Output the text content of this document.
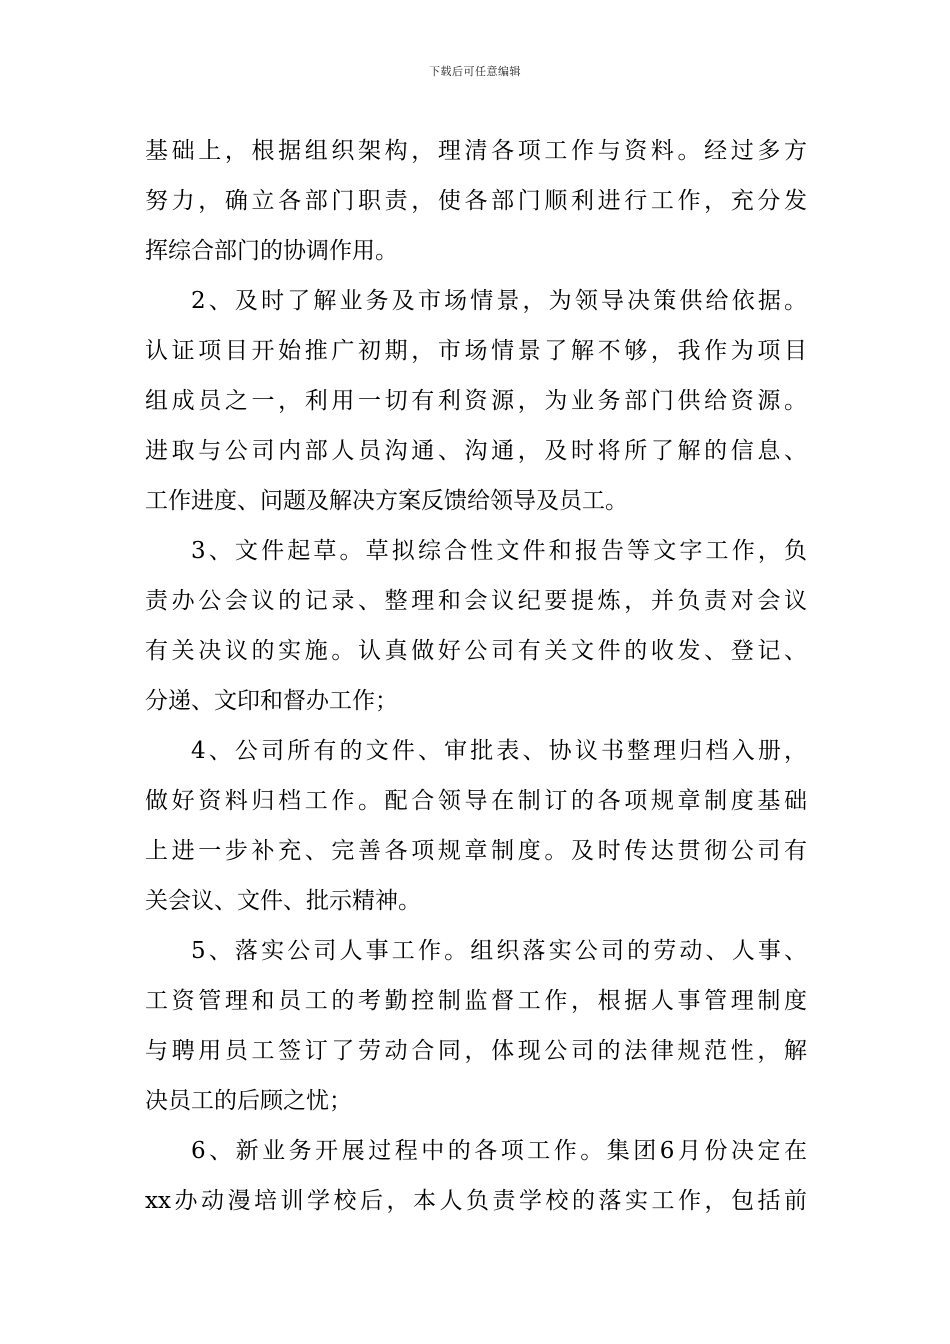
下载后可任意编辑
基础上，根据组织架构，理清各项工作与资料。经过多方
努力，确立各部门职责，使各部门顺利进行工作，充分发
挥综合部门的协调作用。
2、及时了解业务及市场情景，为领导决策供给依据。
认证项目开始推广初期，市场情景了解不够，我作为项目
组成员之一，利用一切有利资源，为业务部门供给资源。
进取与公司内部人员沟通、沟通，及时将所了解的信息、
工作进度、问题及解决方案反馈给领导及员工。
3、文件起草。草拟综合性文件和报告等文字工作，负
责办公会议的记录、整理和会议纪要提炼，并负责对会议
有关决议的实施。认真做好公司有关文件的收发、登记、
分递、文印和督办工作；
4、公司所有的文件、审批表、协议书整理归档入册，
做好资料归档工作。配合领导在制订的各项规章制度基础
上进一步补充、完善各项规章制度。及时传达贯彻公司有
关会议、文件、批示精神。
5、落实公司人事工作。组织落实公司的劳动、人事、
工资管理和员工的考勤控制监督工作，根据人事管理制度
与聘用员工签订了劳动合同，体现公司的法律规范性，解
决员工的后顾之忧；
6、新业务开展过程中的各项工作。集团6月份决定在
xx办动漫培训学校后，本人负责学校的落实工作，包括前
